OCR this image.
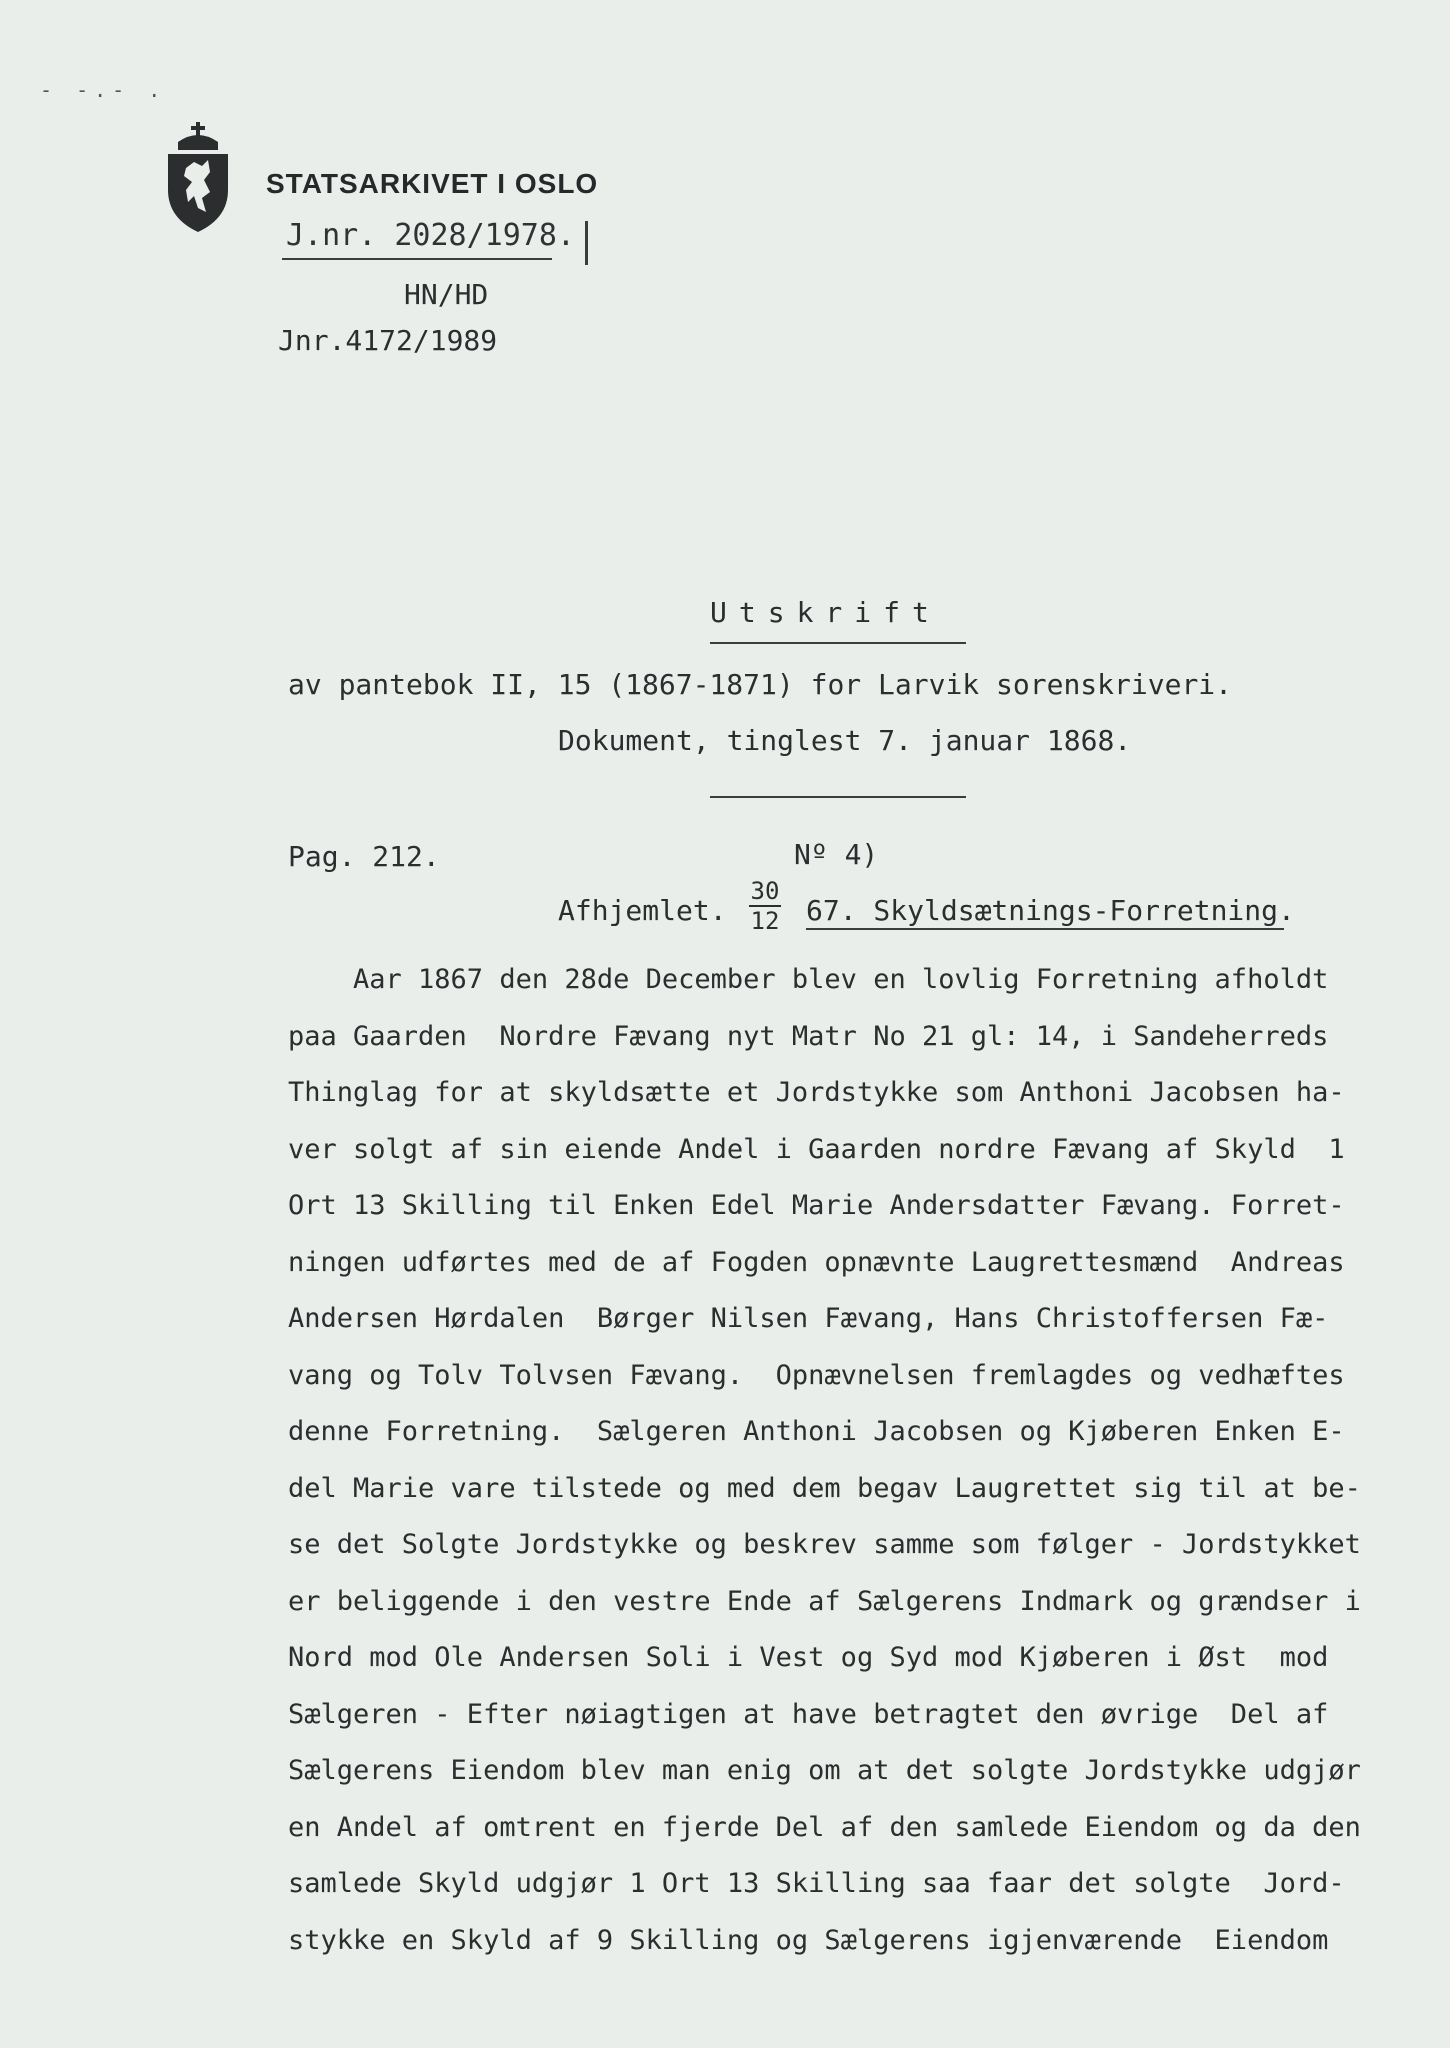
- -.- .
STATSARKIVET I OSLO
J.nr. 2028/1978.
HN/HD
Jnr.4172/1989
Utskrift
av pantebok II, 15 (1867-1871) for Larvik sorenskriveri.
Dokument, tinglest 7. januar 1868.
Pag. 212.	Nº 4)
Afhjemlet.
30
12 67. Skyldsætnings-Forretning.
Aar 1867 den 28de December blev en lovlig Forretning afholdt
paa Gaarden  Nordre Fævang nyt Matr No 21 gl: 14, i Sandeherreds
Thinglag for at skyldsætte et Jordstykke som Anthoni Jacobsen ha-
ver solgt af sin eiende Andel i Gaarden nordre Fævang af Skyld  1
Ort 13 Skilling til Enken Edel Marie Andersdatter Fævang. Forret-
ningen udførtes med de af Fogden opnævnte Laugrettesmænd  Andreas
Andersen Hørdalen  Børger Nilsen Fævang, Hans Christoffersen Fæ-
vang og Tolv Tolvsen Fævang.  Opnævnelsen fremlagdes og vedhæftes
denne Forretning.  Sælgeren Anthoni Jacobsen og Kjøberen Enken E-
del Marie vare tilstede og med dem begav Laugrettet sig til at be-
se det Solgte Jordstykke og beskrev samme som følger - Jordstykket
er beliggende i den vestre Ende af Sælgerens Indmark og grændser i
Nord mod Ole Andersen Soli i Vest og Syd mod Kjøberen i Øst  mod
Sælgeren - Efter nøiagtigen at have betragtet den øvrige  Del af
Sælgerens Eiendom blev man enig om at det solgte Jordstykke udgjør
en Andel af omtrent en fjerde Del af den samlede Eiendom og da den
samlede Skyld udgjør 1 Ort 13 Skilling saa faar det solgte  Jord-
stykke en Skyld af 9 Skilling og Sælgerens igjenværende  Eiendom
